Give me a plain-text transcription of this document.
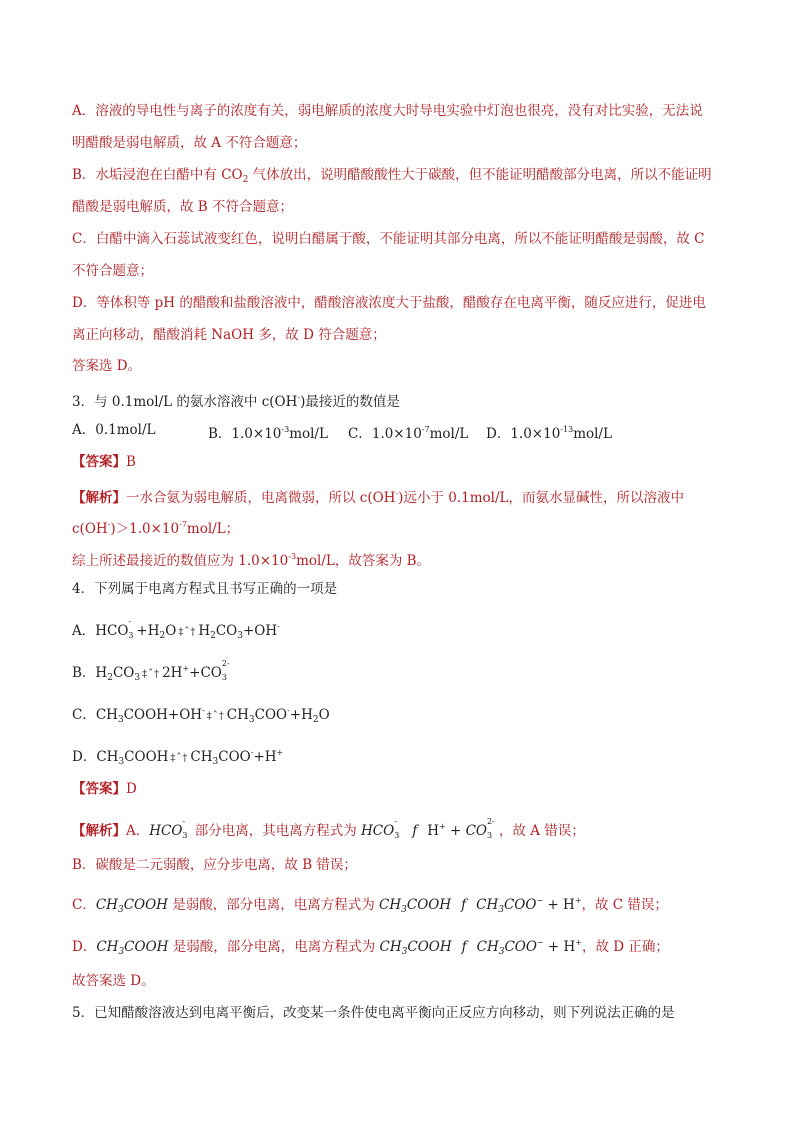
A．溶液的导电性与离子的浓度有关，弱电解质的浓度大时导电实验中灯泡也很亮，没有对比实验，无法说
明醋酸是弱电解质，故 A 不符合题意；
B．水垢浸泡在白醋中有 $CO_2$ 气体放出，说明醋酸酸性大于碳酸，但不能证明醋酸部分电离，所以不能证明
醋酸是弱电解质，故 B 不符合题意；
C．白醋中滴入石蕊试液变红色，说明白醋属于酸，不能证明其部分电离，所以不能证明醋酸是弱酸，故 C
不符合题意；
D．等体积等 pH 的醋酸和盐酸溶液中，醋酸溶液浓度大于盐酸，醋酸存在电离平衡，随反应进行，促进电
离正向移动，醋酸消耗 NaOH 多，故 D 符合题意；
答案选 D。
3．与 0.1mol/L 的氨水溶液中 c(OH-)最接近的数值是
A．0.1mol/L	B．$1.0\times 10^{-3}mol/L$ C．$1.0\times 10^{-7}mol/L$ D．$1.0\times 10^{-13}mol/L$
【答案】B
【解析】一水合氨为弱电解质，电离微弱，所以 c(OH-)远小于 0.1mol/L，而氨水显碱性，所以溶液中
$c(OH^-)>1.0\times 10^{-7}mol/L$；
综上所述最接近的数值应为 $1.0\times 10^{-3}mol/L$，故答案为 B。
4．下列属于电离方程式且书写正确的一项是
A．HCO
-
$3 +H_2O$ ‡ˆ† $H_2CO_3+OH^-$
B．$H_2CO_3$ ‡ˆ† 2H++CO
2-
3
C．$CH_3COOH+OH^-\ddagger ˆ\dagger$ $CH_3COO^-+H_2O$
D．$CH_3COOH$ ‡ˆ† $CH_3COO^-+H^+$
【答案】D
【解析】A．HCO
-
3 部分电离，其电离方程式为 HCO
-
3 f H+ + CO
2-
3 ，故 A 错误；
B．碳酸是二元弱酸，应分步电离，故 B 错误；
C．$CH_3COOH$ 是弱酸，部分电离，电离方程式为 $CH_3COOH$ f $CH_3COO^- + H^+$，故 C 错误；
D．$CH_3COOH$ 是弱酸，部分电离，电离方程式为 $CH_3COOH$ f $CH_3COO^- + H^+$，故 D 正确；
故答案选 D。
5．已知醋酸溶液达到电离平衡后，改变某一条件使电离平衡向正反应方向移动，则下列说法正确的是
